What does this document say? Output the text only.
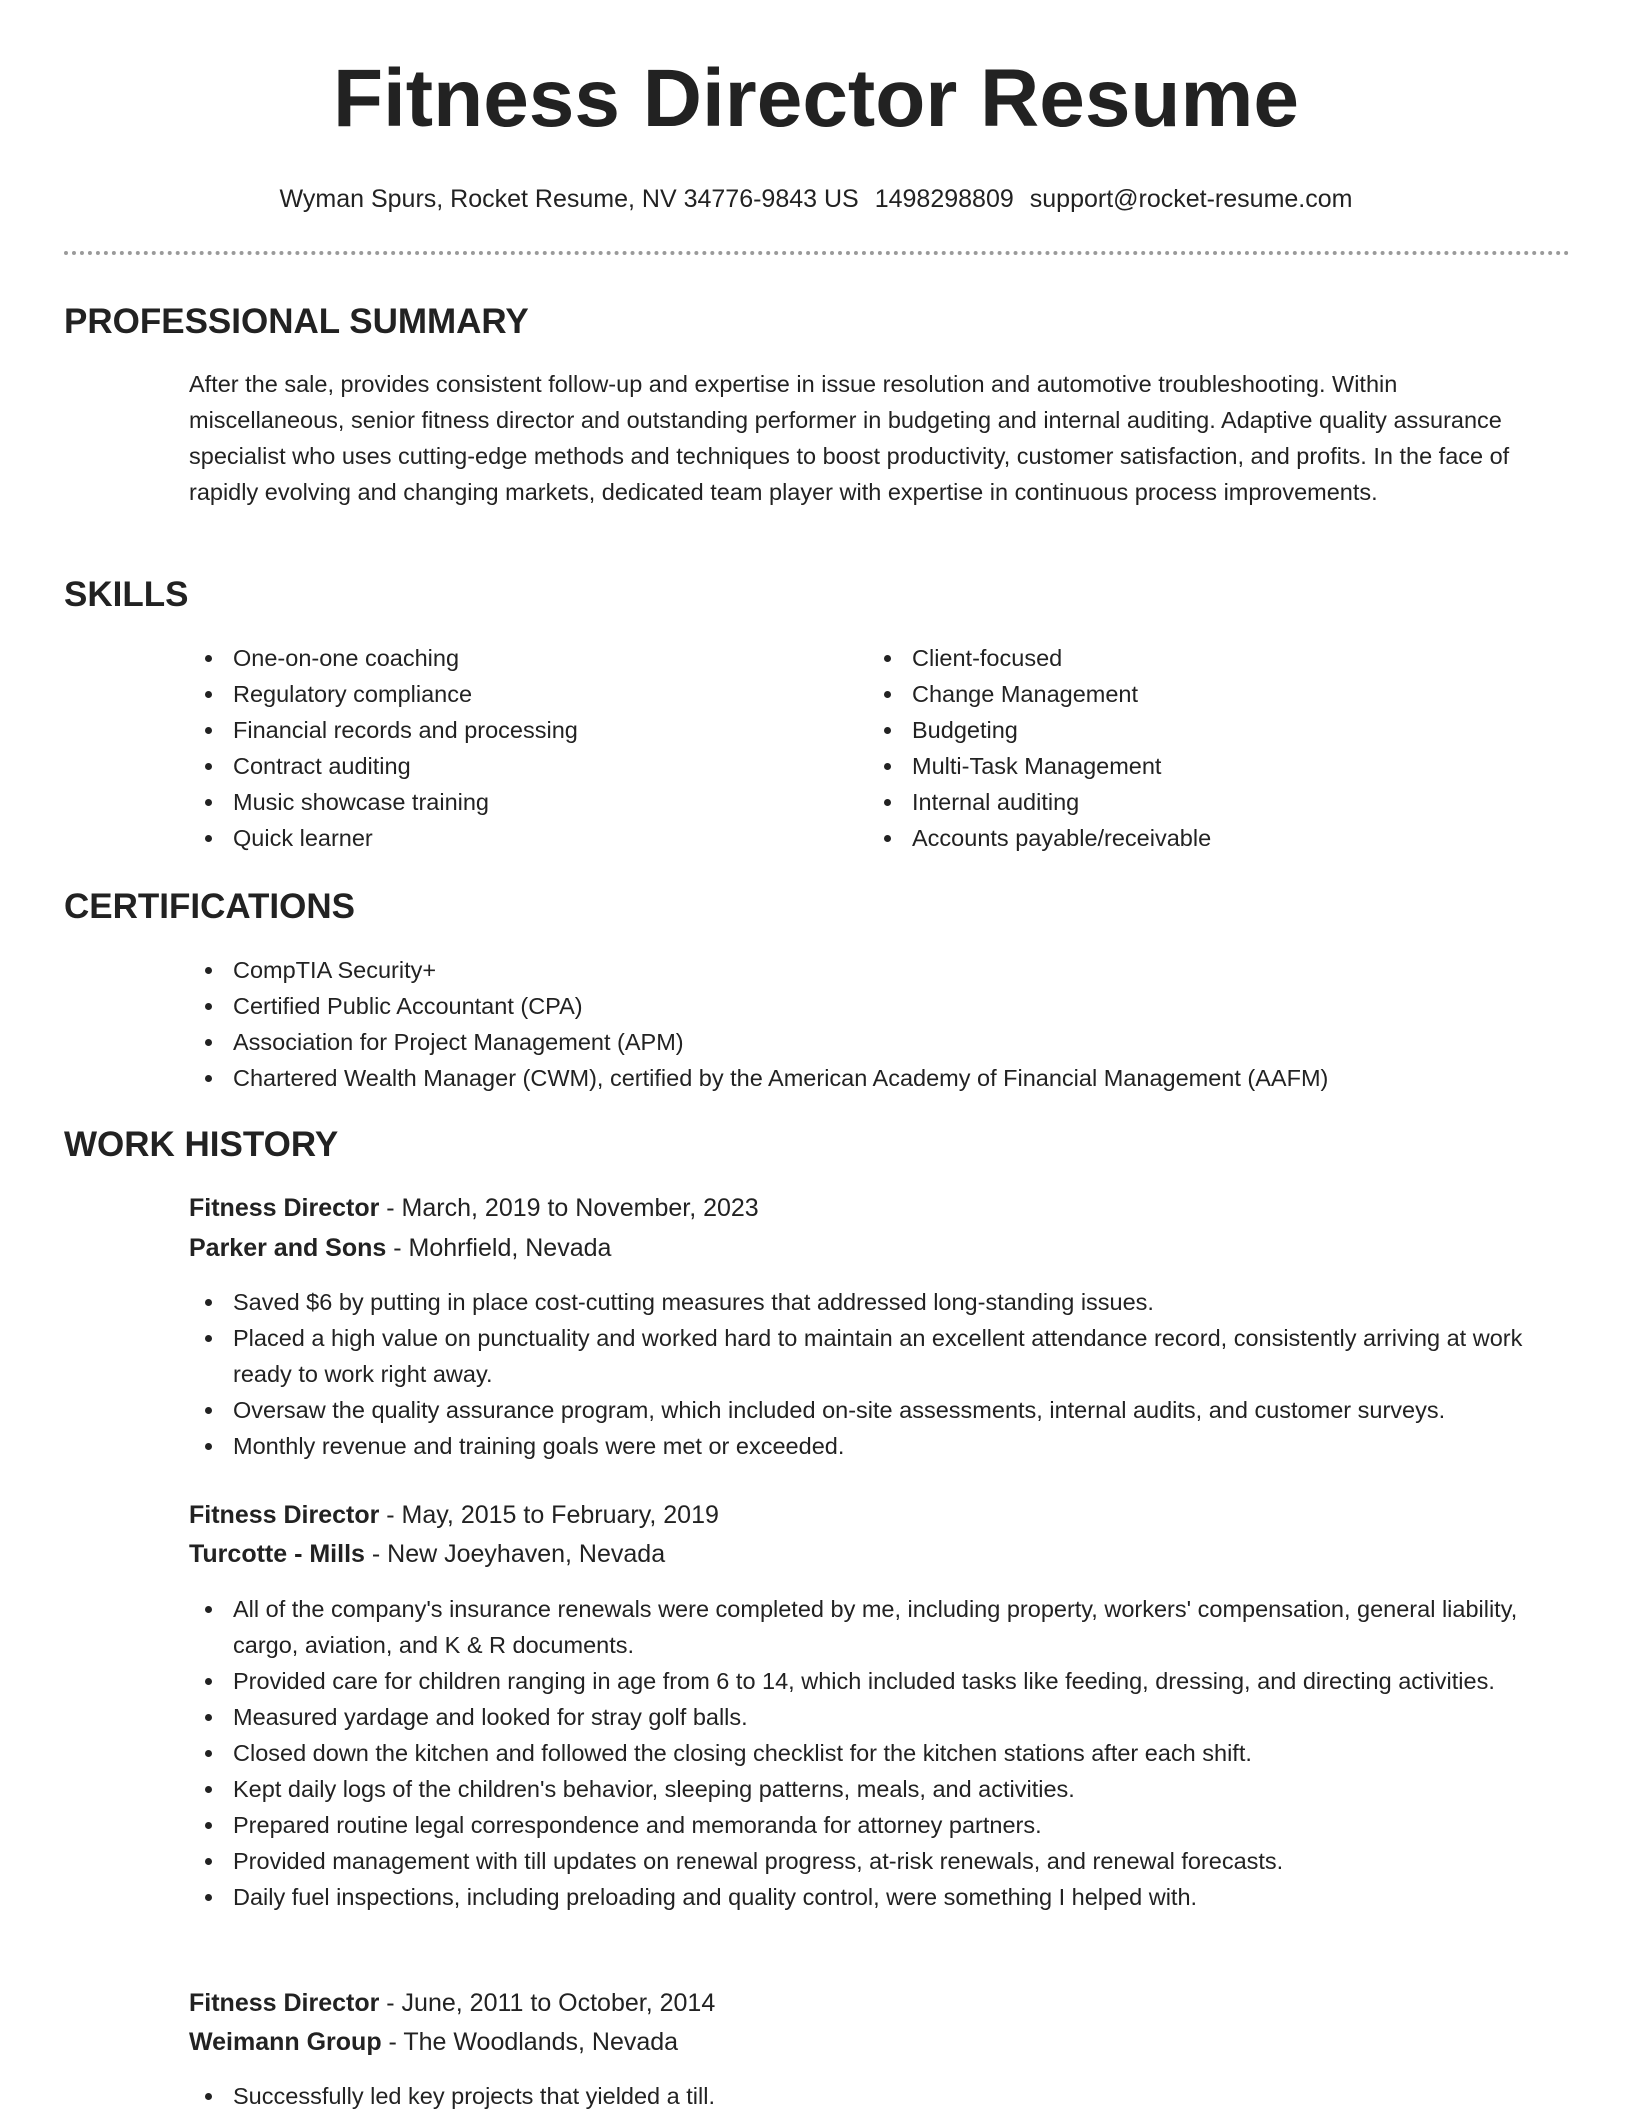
Fitness Director Resume
Wyman Spurs, Rocket Resume, NV 34776-9843 US 1498298809 support@rocket-resume.com
PROFESSIONAL SUMMARY

After the sale, provides consistent follow-up and expertise in issue resolution and automotive troubleshooting. Within miscellaneous, senior fitness director and outstanding performer in budgeting and internal auditing. Adaptive quality assurance specialist who uses cutting-edge methods and techniques to boost productivity, customer satisfaction, and profits. In the face of rapidly evolving and changing markets, dedicated team player with expertise in continuous process improvements.

SKILLS
One-on-one coaching
Regulatory compliance
Financial records and processing
Contract auditing
Music showcase training
Quick learner
Client-focused
Change Management
Budgeting
Multi-Task Management
Internal auditing
Accounts payable/receivable
CERTIFICATIONS
CompTIA Security+
Certified Public Accountant (CPA)
Association for Project Management (APM)
Chartered Wealth Manager (CWM), certified by the American Academy of Financial Management (AAFM)
WORK HISTORY
Fitness Director - March, 2019 to November, 2023
Parker and Sons - Mohrfield, Nevada
Saved $6 by putting in place cost-cutting measures that addressed long-standing issues.
Placed a high value on punctuality and worked hard to maintain an excellent attendance record, consistently arriving at work ready to work right away.
Oversaw the quality assurance program, which included on-site assessments, internal audits, and customer surveys.
Monthly revenue and training goals were met or exceeded.
Fitness Director - May, 2015 to February, 2019
Turcotte - Mills - New Joeyhaven, Nevada
All of the company's insurance renewals were completed by me, including property, workers' compensation, general liability, cargo, aviation, and K & R documents.
Provided care for children ranging in age from 6 to 14, which included tasks like feeding, dressing, and directing activities.
Measured yardage and looked for stray golf balls.
Closed down the kitchen and followed the closing checklist for the kitchen stations after each shift.
Kept daily logs of the children's behavior, sleeping patterns, meals, and activities.
Prepared routine legal correspondence and memoranda for attorney partners.
Provided management with till updates on renewal progress, at-risk renewals, and renewal forecasts.
Daily fuel inspections, including preloading and quality control, were something I helped with.
Fitness Director - June, 2011 to October, 2014
Weimann Group - The Woodlands, Nevada
Successfully led key projects that yielded a till.
